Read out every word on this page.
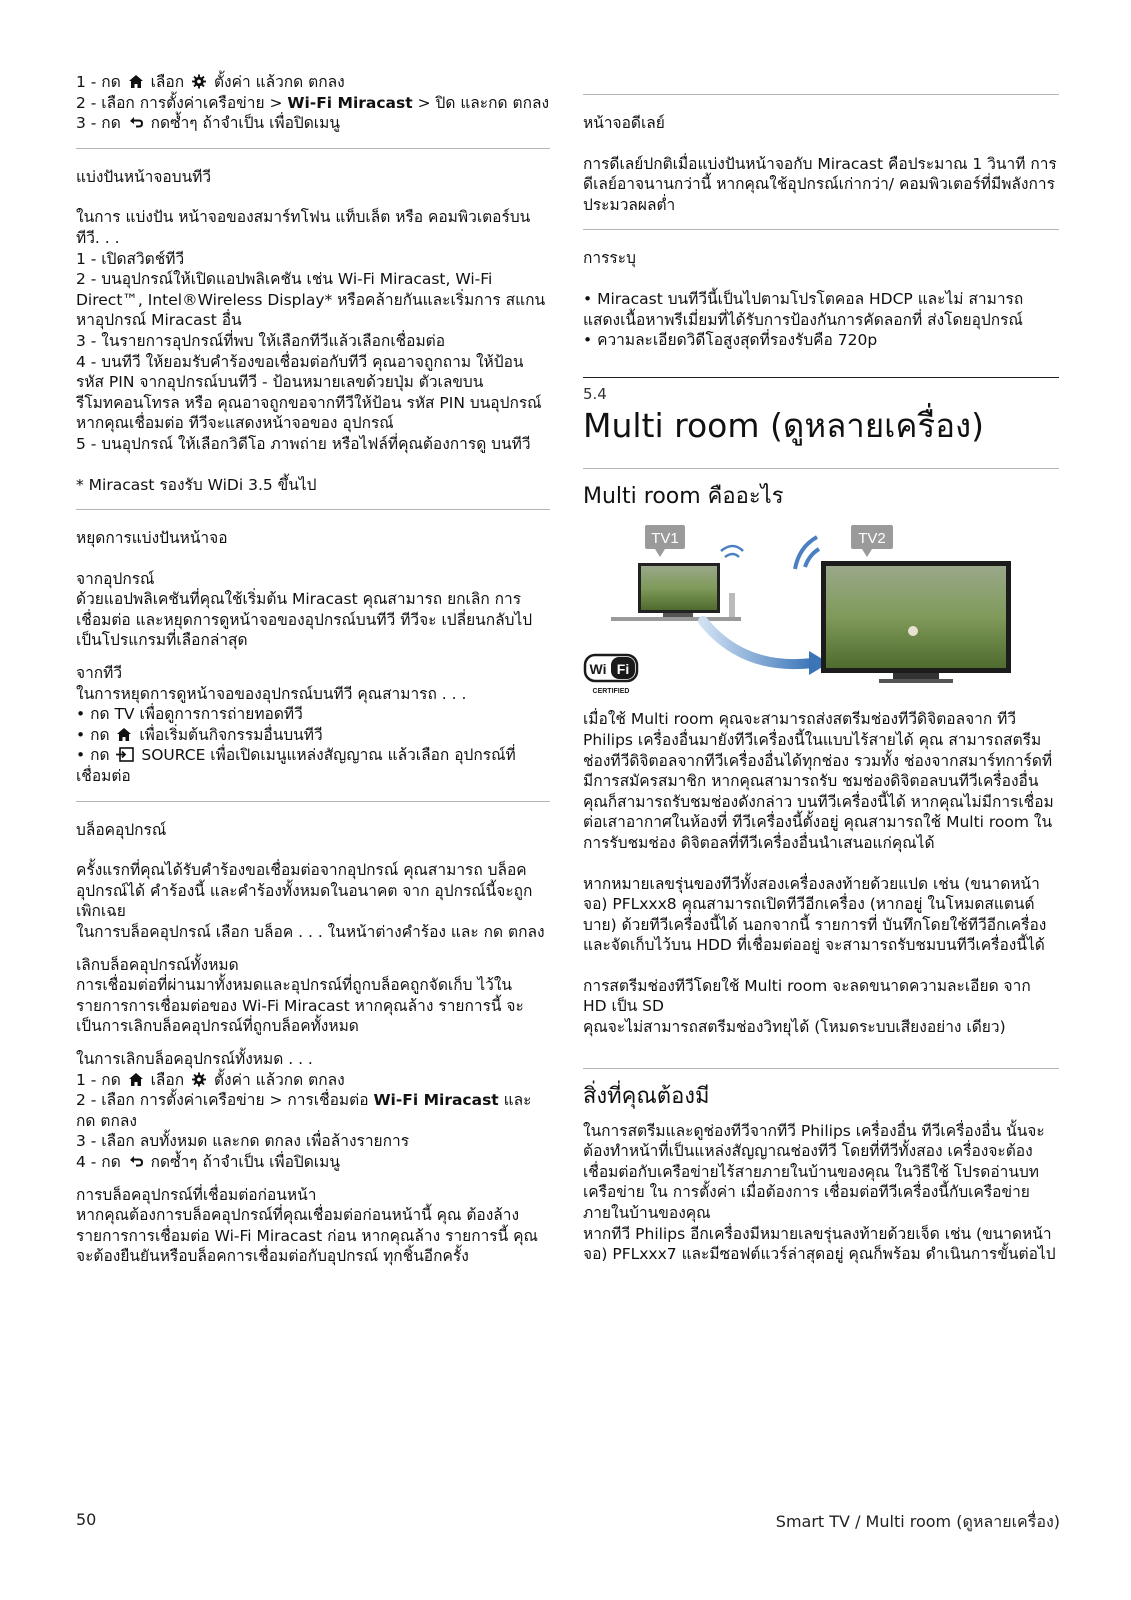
1 - กด  เลือก  ตั้งค่า แล้วกด ตกลง

2 - เลือก การตั้งค่าเครือข่าย > Wi-Fi Miracast > ปิด และกด ตกลง

3 - กด  กดซ้ำๆ ถ้าจำเป็น เพื่อปิดเมนู

แบ่งปันหน้าจอบนทีวี

ในการ แบ่งปัน หน้าจอของสมาร์ทโฟน แท็บเล็ต หรือ คอมพิวเตอร์บนทีวี. . .

1 - เปิดสวิตช์ทีวี

2 - บนอุปกรณ์ให้เปิดแอปพลิเคชัน เช่น Wi-Fi Miracast, Wi-Fi Direct™, Intel®Wireless Display* หรือคล้ายกันและเริ่มการ สแกนหาอุปกรณ์ Miracast อื่น

3 - ในรายการอุปกรณ์ที่พบ ให้เลือกทีวีแล้วเลือกเชื่อมต่อ

4 - บนทีวี ให้ยอมรับคำร้องขอเชื่อมต่อกับทีวี คุณอาจถูกถาม ให้ป้อนรหัส PIN จากอุปกรณ์บนทีวี - ป้อนหมายเลขด้วยปุ่ม ตัวเลขบนรีโมทคอนโทรล หรือ คุณอาจถูกขอจากทีวีให้ป้อน รหัส PIN บนอุปกรณ์ หากคุณเชื่อมต่อ ทีวีจะแสดงหน้าจอของ อุปกรณ์

5 - บนอุปกรณ์ ให้เลือกวิดีโอ ภาพถ่าย หรือไฟล์ที่คุณต้องการดู บนทีวี

* Miracast รองรับ WiDi 3.5 ขึ้นไป

หยุดการแบ่งปันหน้าจอ

จากอุปกรณ์

ด้วยแอปพลิเคชันที่คุณใช้เริ่มต้น Miracast คุณสามารถ ยกเลิก การเชื่อมต่อ และหยุดการดูหน้าจอของอุปกรณ์บนทีวี ทีวีจะ เปลี่ยนกลับไปเป็นโปรแกรมที่เลือกล่าสุด

จากทีวี

ในการหยุดการดูหน้าจอของอุปกรณ์บนทีวี คุณสามารถ . . .

• กด TV เพื่อดูการการถ่ายทอดทีวี

• กด  เพื่อเริ่มต้นกิจกรรมอื่นบนทีวี

• กด  SOURCE เพื่อเปิดเมนูแหล่งสัญญาณ แล้วเลือก อุปกรณ์ที่เชื่อมต่อ

บล็อคอุปกรณ์

ครั้งแรกที่คุณได้รับคำร้องขอเชื่อมต่อจากอุปกรณ์ คุณสามารถ บล็อค อุปกรณ์ได้ คำร้องนี้ และคำร้องทั้งหมดในอนาคต จาก อุปกรณ์นี้จะถูกเพิกเฉย

ในการบล็อคอุปกรณ์ เลือก บล็อค . . . ในหน้าต่างคำร้อง และ กด ตกลง

เลิกบล็อคอุปกรณ์ทั้งหมด

การเชื่อมต่อที่ผ่านมาทั้งหมดและอุปกรณ์ที่ถูกบล็อคถูกจัดเก็บ ไว้ในรายการการเชื่อมต่อของ Wi-Fi Miracast หากคุณล้าง รายการนี้ จะเป็นการเลิกบล็อคอุปกรณ์ที่ถูกบล็อคทั้งหมด

ในการเลิกบล็อคอุปกรณ์ทั้งหมด . . .

1 - กด  เลือก  ตั้งค่า แล้วกด ตกลง

2 - เลือก การตั้งค่าเครือข่าย > การเชื่อมต่อ Wi-Fi Miracast และกด ตกลง

3 - เลือก ลบทั้งหมด และกด ตกลง เพื่อล้างรายการ

4 - กด  กดซ้ำๆ ถ้าจำเป็น เพื่อปิดเมนู

การบล็อคอุปกรณ์ที่เชื่อมต่อก่อนหน้า

หากคุณต้องการบล็อคอุปกรณ์ที่คุณเชื่อมต่อก่อนหน้านี้ คุณ ต้องล้างรายการการเชื่อมต่อ Wi-Fi Miracast ก่อน หากคุณล้าง รายการนี้ คุณจะต้องยืนยันหรือบล็อคการเชื่อมต่อกับอุปกรณ์ ทุกชิ้นอีกครั้ง

หน้าจอดีเลย์

การดีเลย์ปกติเมื่อแบ่งปันหน้าจอกับ Miracast คือประมาณ 1 วินาที การดีเลย์อาจนานกว่านี้ หากคุณใช้อุปกรณ์เก่ากว่า/ คอมพิวเตอร์ที่มีพลังการประมวลผลต่ำ

การระบุ

• Miracast บนทีวีนี้เป็นไปตามโปรโตคอล HDCP และไม่ สามารถแสดงเนื้อหาพรีเมี่ยมที่ได้รับการป้องกันการคัดลอกที่ ส่งโดยอุปกรณ์

• ความละเอียดวิดีโอสูงสุดที่รองรับคือ 720p

5.4
Multi room (ดูหลายเครื่อง)
Multi room คืออะไร
TV1	TV2
Wi Fi
CERTIFIED

เมื่อใช้ Multi room คุณจะสามารถส่งสตรีมช่องทีวีดิจิตอลจาก ทีวี Philips เครื่องอื่นมายังทีวีเครื่องนี้ในแบบไร้สายได้ คุณ สามารถสตรีมช่องทีวีดิจิตอลจากทีวีเครื่องอื่นได้ทุกช่อง รวมทั้ง ช่องจากสมาร์ทการ์ดที่มีการสมัครสมาชิก หากคุณสามารถรับ ชมช่องดิจิตอลบนทีวีเครื่องอื่น คุณก็สามารถรับชมช่องดังกล่าว บนทีวีเครื่องนี้ได้ หากคุณไม่มีการเชื่อมต่อเสาอากาศในห้องที่ ทีวีเครื่องนี้ตั้งอยู่ คุณสามารถใช้ Multi room ในการรับชมช่อง ดิจิตอลที่ทีวีเครื่องอื่นนำเสนอแก่คุณได้

หากหมายเลขรุ่นของทีวีทั้งสองเครื่องลงท้ายด้วยแปด เช่น (ขนาดหน้าจอ) PFLxxx8 คุณสามารถเปิดทีวีอีกเครื่อง (หากอยู่ ในโหมดสแตนด์บาย) ด้วยทีวีเครื่องนี้ได้ นอกจากนี้ รายการที่ บันทึกโดยใช้ทีวีอีกเครื่องและจัดเก็บไว้บน HDD ที่เชื่อมต่ออยู่ จะสามารถรับชมบนทีวีเครื่องนี้ได้

การสตรีมช่องทีวีโดยใช้ Multi room จะลดขนาดความละเอียด จาก HD เป็น SD

คุณจะไม่สามารถสตรีมช่องวิทยุได้ (โหมดระบบเสียงอย่าง เดียว)

สิ่งที่คุณต้องมี

ในการสตรีมและดูช่องทีวีจากทีวี Philips เครื่องอื่น ทีวีเครื่องอื่น นั้นจะต้องทำหน้าที่เป็นแหล่งสัญญาณช่องทีวี โดยที่ทีวีทั้งสอง เครื่องจะต้องเชื่อมต่อกับเครือข่ายไร้สายภายในบ้านของคุณ ในวิธีใช้ โปรดอ่านบท เครือข่าย ใน การตั้งค่า เมื่อต้องการ เชื่อมต่อทีวีเครื่องนี้กับเครือข่ายภายในบ้านของคุณ

หากทีวี Philips อีกเครื่องมีหมายเลขรุ่นลงท้ายด้วยเจ็ด เช่น (ขนาดหน้าจอ) PFLxxx7 และมีซอฟต์แวร์ล่าสุดอยู่ คุณก็พร้อม ดำเนินการขั้นต่อไป

50	Smart TV / Multi room (ดูหลายเครื่อง)
